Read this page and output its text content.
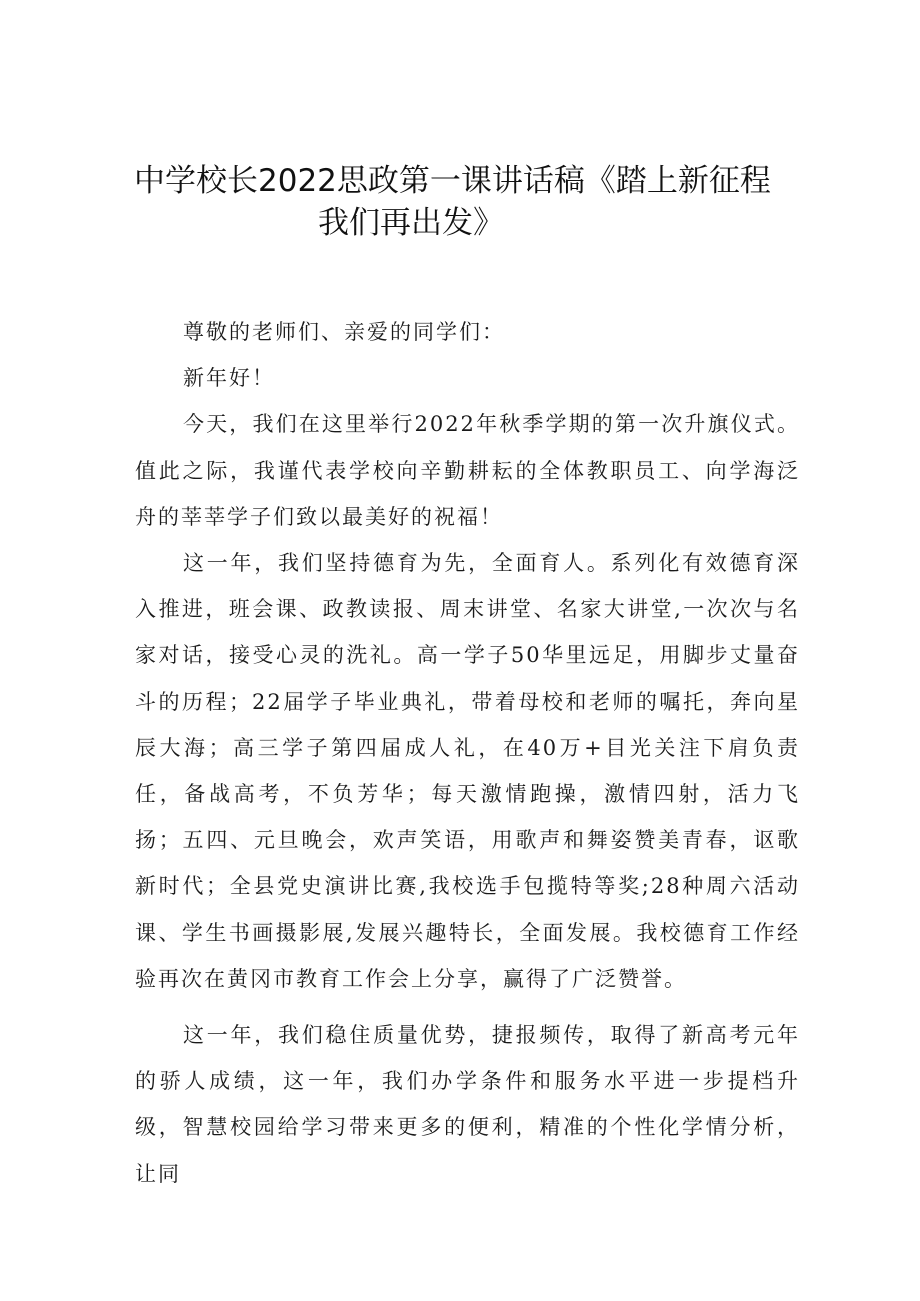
中学校长2022思政第一课讲话稿《踏上新征程
我们再出发》

尊敬的老师们、亲爱的同学们：

新年好！

今天，我们在这里举行2022年秋季学期的第一次升旗仪式。值此之际，我谨代表学校向辛勤耕耘的全体教职员工、向学海泛舟的莘莘学子们致以最美好的祝福！

这一年，我们坚持德育为先，全面育人。系列化有效德育深入推进，班会课、政教读报、周末讲堂、名家大讲堂,一次次与名家对话，接受心灵的洗礼。高一学子50华里远足，用脚步丈量奋斗的历程；22届学子毕业典礼，带着母校和老师的嘱托，奔向星辰大海；高三学子第四届成人礼，在40万+目光关注下肩负责任，备战高考，不负芳华；每天激情跑操，激情四射，活力飞扬；五四、元旦晚会，欢声笑语，用歌声和舞姿赞美青春，讴歌新时代；全县党史演讲比赛,我校选手包揽特等奖;28种周六活动课、学生书画摄影展,发展兴趣特长，全面发展。我校德育工作经验再次在黄冈市教育工作会上分享，赢得了广泛赞誉。

这一年，我们稳住质量优势，捷报频传，取得了新高考元年的骄人成绩，这一年，我们办学条件和服务水平进一步提档升级，智慧校园给学习带来更多的便利，精准的个性化学情分析，让同
